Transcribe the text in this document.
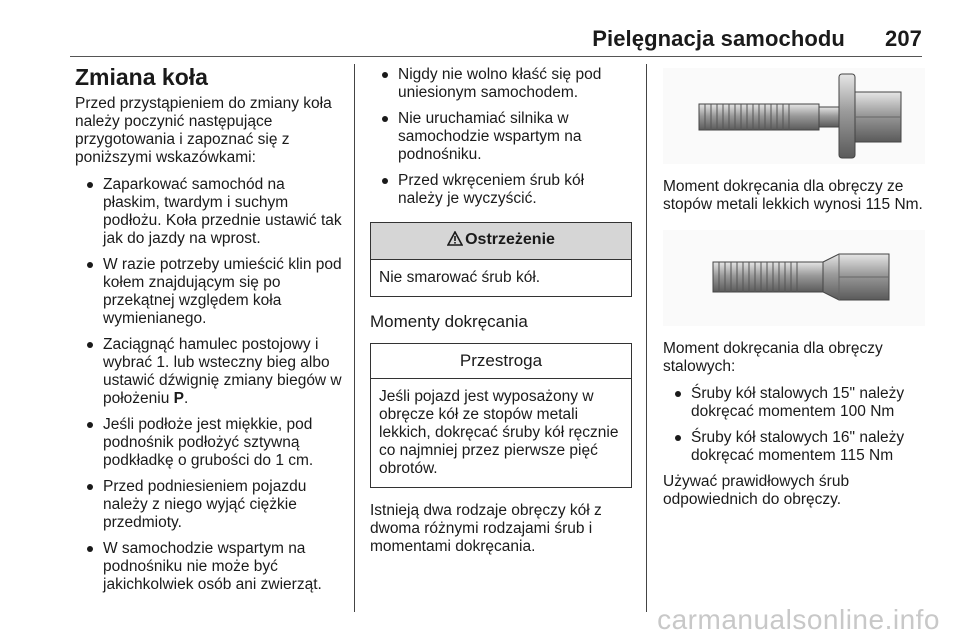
Pielęgnacja samochodu 207
Zmiana koła

Przed przystąpieniem do zmiany koła należy poczynić następujące przygotowania i zapoznać się z poniższymi wskazówkami:

Zaparkować samochód na płaskim, twardym i suchym podłożu. Koła przednie ustawić tak jak do jazdy na wprost.
W razie potrzeby umieścić klin pod kołem znajdującym się po przekątnej względem koła wymienianego.
Zaciągnąć hamulec postojowy i wybrać 1. lub wsteczny bieg albo ustawić dźwignię zmiany biegów w położeniu P.
Jeśli podłoże jest miękkie, pod podnośnik podłożyć sztywną podkładkę o grubości do 1 cm.
Przed podniesieniem pojazdu należy z niego wyjąć ciężkie przedmioty.
W samochodzie wspartym na podnośniku nie może być jakichkolwiek osób ani zwierząt.
Nigdy nie wolno kłaść się pod uniesionym samochodem.
Nie uruchamiać silnika w samochodzie wspartym na podnośniku.
Przed wkręceniem śrub kół należy je wyczyścić.
Ostrzeżenie
Nie smarować śrub kół.
Momenty dokręcania
Przestroga
Jeśli pojazd jest wyposażony w obręcze kół ze stopów metali lekkich, dokręcać śruby kół ręcznie co najmniej przez pierwsze pięć obrotów.

Istnieją dwa rodzaje obręczy kół z dwoma różnymi rodzajami śrub i momentami dokręcania.

Moment dokręcania dla obręczy ze stopów metali lekkich wynosi 115 Nm.

Moment dokręcania dla obręczy stalowych:

Śruby kół stalowych 15" należy dokręcać momentem 100 Nm
Śruby kół stalowych 16" należy dokręcać momentem 115 Nm

Używać prawidłowych śrub odpowiednich do obręczy.

carmanualsonline.info
